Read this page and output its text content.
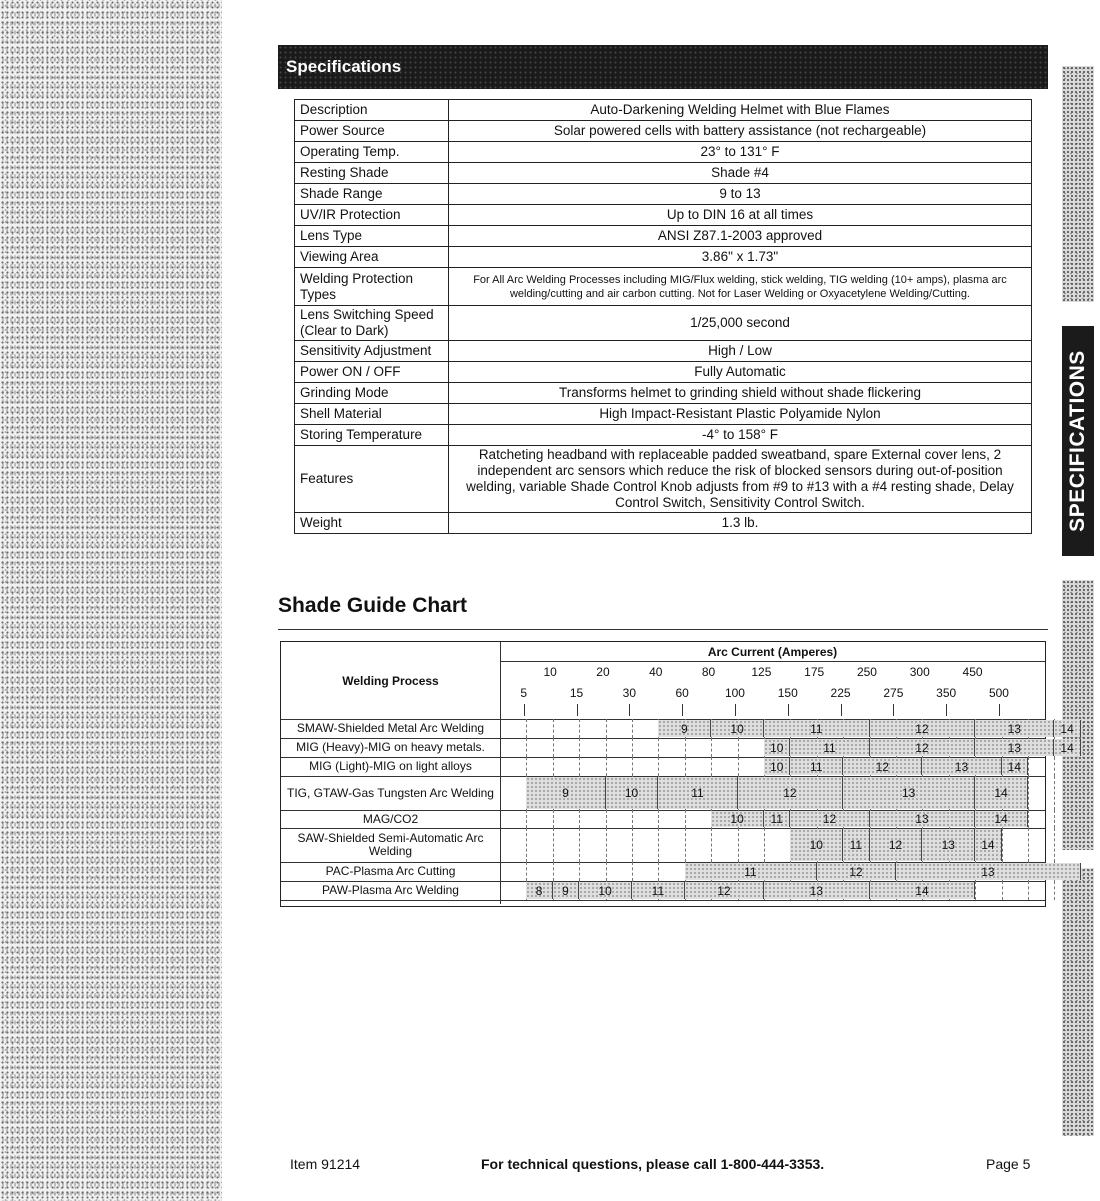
SPECIFICATIONS
Specifications
Description	Auto-Darkening Welding Helmet with Blue Flames
Power Source	Solar powered cells with battery assistance (not rechargeable)
Operating Temp.	23° to 131° F
Resting Shade	Shade #4
Shade Range	9 to 13
UV/IR Protection	Up to DIN 16 at all times
Lens Type	ANSI Z87.1-2003 approved
Viewing Area	3.86" x 1.73"
Welding Protection Types	For All Arc Welding Processes including MIG/Flux welding, stick welding, TIG welding (10+ amps), plasma arc welding/cutting and air carbon cutting. Not for Laser Welding or Oxyacetylene Welding/Cutting.
Lens Switching Speed (Clear to Dark)	1/25,000 second
Sensitivity Adjustment	High / Low
Power ON / OFF	Fully Automatic
Grinding Mode	Transforms helmet to grinding shield without shade flickering
Shell Material	High Impact-Resistant Plastic Polyamide Nylon
Storing Temperature	-4° to 158° F
Features	Ratcheting headband with replaceable padded sweatband, spare External cover lens, 2 independent arc sensors which reduce the risk of blocked sensors during out-of-position welding, variable Shade Control Knob adjusts from #9 to #13 with a #4 resting shade, Delay Control Switch, Sensitivity Control Switch.
Weight	1.3 lb.
Shade Guide Chart
Welding Process
Arc Current (Amperes)
10	20	40	80	125	175	250	300	450
5	15	30	60	100	150	225	275	350	500
SMAW-Shielded Metal Arc Welding	9	10	11	12	13	14
MIG (Heavy)-MIG on heavy metals.	10	11	12	13	14
MIG (Light)-MIG on light alloys	10	11	12	13	14
TIG, GTAW-Gas Tungsten Arc Welding	9	10	11	12	13	14
MAG/CO2	10	11	12	13	14
SAW-Shielded Semi-Automatic Arc Welding	10	11	12	13	14
PAC-Plasma Arc Cutting	11	12	13
PAW-Plasma Arc Welding	8	9	10	11	12	13	14
Item 91214	For technical questions, please call 1-800-444-3353.	Page 5
